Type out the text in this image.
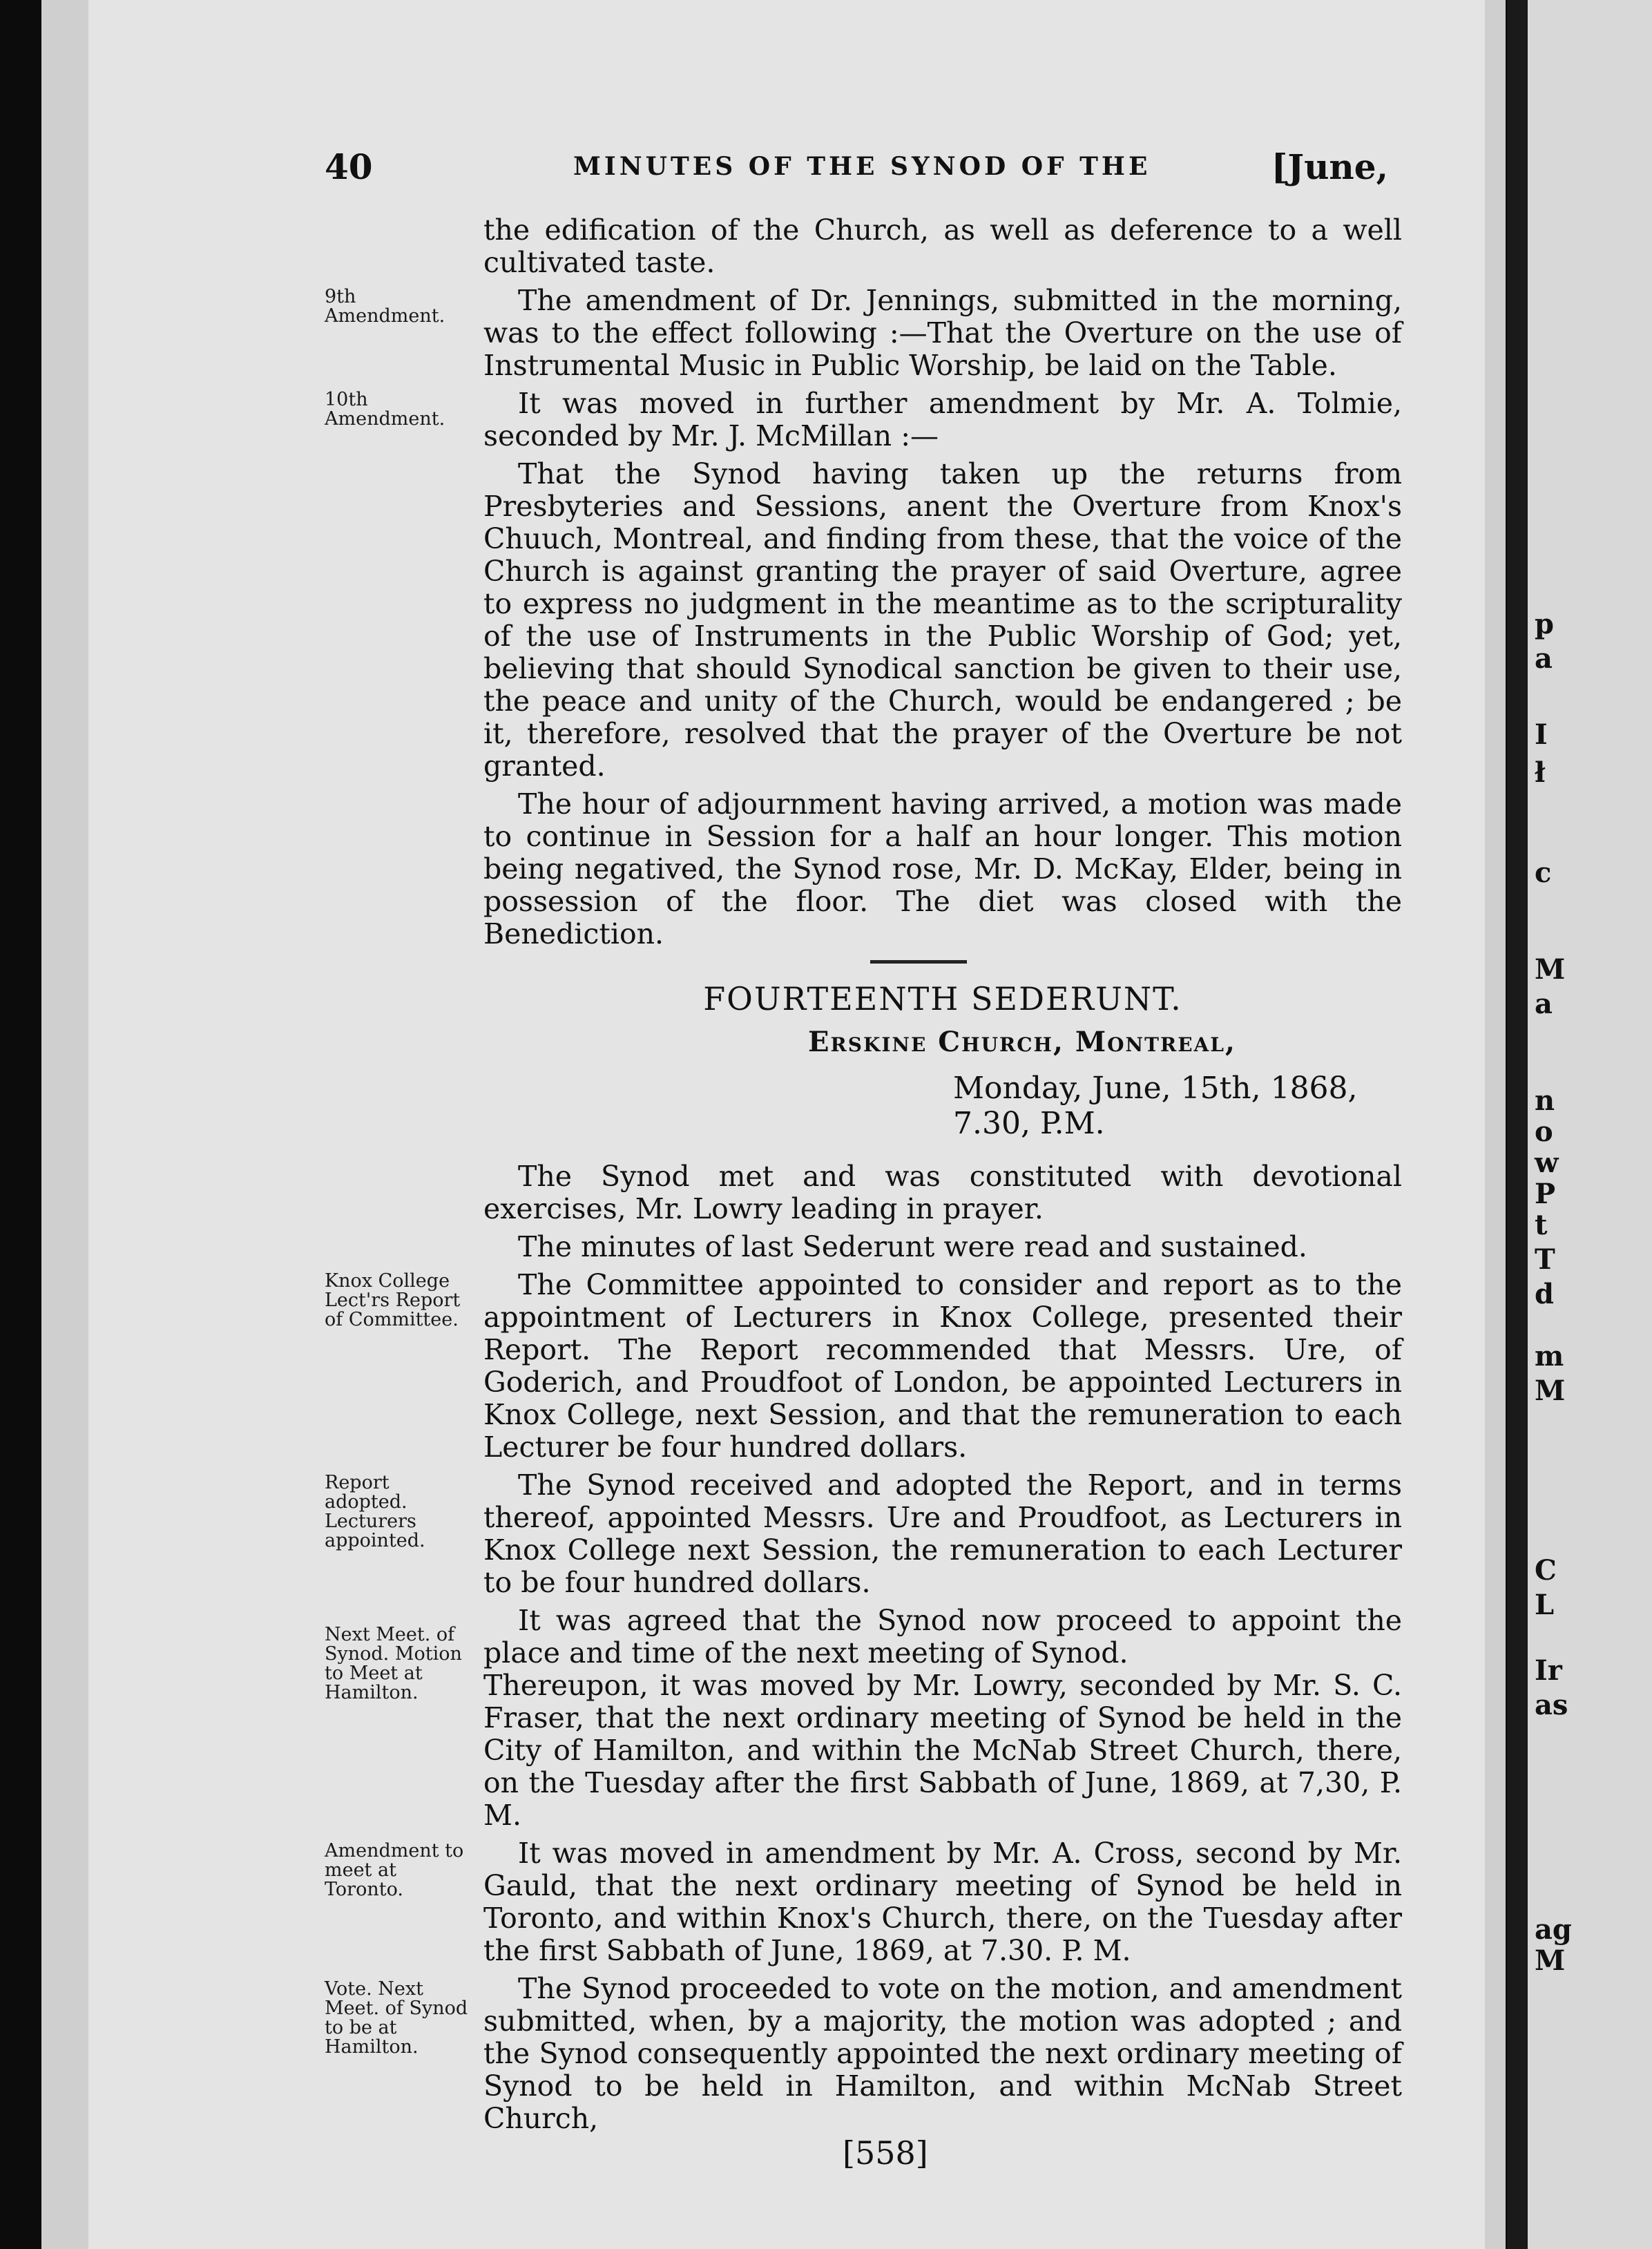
p
a
I
ł
c
M
a
n
o
w
P
t
T
d
m
M
C
L
Ir
as
ag
M
40	MINUTES OF THE SYNOD OF THE	[June,
the edification of the Church, as well as deference to a well cultivated taste.
9th Amendment.	The amendment of Dr. Jennings, submitted in the morning, was to the effect following :—That the Overture on the use of Instrumental Music in Public Worship, be laid on the Table.
10th Amendment.	It was moved in further amendment by Mr. A. Tolmie, seconded by Mr. J. McMillan :—
That the Synod having taken up the returns from Presbyteries and Sessions, anent the Overture from Knox's Chuuch, Montreal, and finding from these, that the voice of the Church is against granting the prayer of said Overture, agree to express no judgment in the meantime as to the scripturality of the use of Instruments in the Public Worship of God; yet, believing that should Synodical sanction be given to their use, the peace and unity of the Church, would be endangered ; be it, therefore, resolved that the prayer of the Overture be not granted.
The hour of adjournment having arrived, a motion was made to continue in Session for a half an hour longer. This motion being negatived, the Synod rose, Mr. D. McKay, Elder, being in possession of the floor. The diet was closed with the Benediction.
FOURTEENTH SEDERUNT.
Erskine Church, Montreal,
Monday, June, 15th, 1868, 7.30, P.M.
The Synod met and was constituted with devotional exercises, Mr. Lowry leading in prayer.
The minutes of last Sederunt were read and sustained.
Knox College Lect'rs Report of Committee.
The Committee appointed to consider and report as to the appointment of Lecturers in Knox College, presented their Report. The Report recommended that Messrs. Ure, of Goderich, and Proudfoot of London, be appointed Lecturers in Knox College, next Session, and that the remuneration to each Lecturer be four hundred dollars.
Report adopted. Lecturers appointed.
The Synod received and adopted the Report, and in terms thereof, appointed Messrs. Ure and Proudfoot, as Lecturers in Knox College next Session, the remuneration to each Lecturer to be four hundred dollars.
Next Meet. of Synod. Motion to Meet at Hamilton.
It was agreed that the Synod now proceed to appoint the place and time of the next meeting of Synod.
Thereupon, it was moved by Mr. Lowry, seconded by Mr. S. C. Fraser, that the next ordinary meeting of Synod be held in the City of Hamilton, and within the McNab Street Church, there, on the Tuesday after the first Sabbath of June, 1869, at 7,30, P. M.
Amendment to meet at Toronto.
It was moved in amendment by Mr. A. Cross, second by Mr. Gauld, that the next ordinary meeting of Synod be held in Toronto, and within Knox's Church, there, on the Tuesday after the first Sabbath of June, 1869, at 7.30. P. M.
Vote. Next Meet. of Synod to be at Hamilton.
The Synod proceeded to vote on the motion, and amendment submitted, when, by a majority, the motion was adopted ; and the Synod consequently appointed the next ordinary meeting of Synod to be held in Hamilton, and within McNab Street Church,
[558]
